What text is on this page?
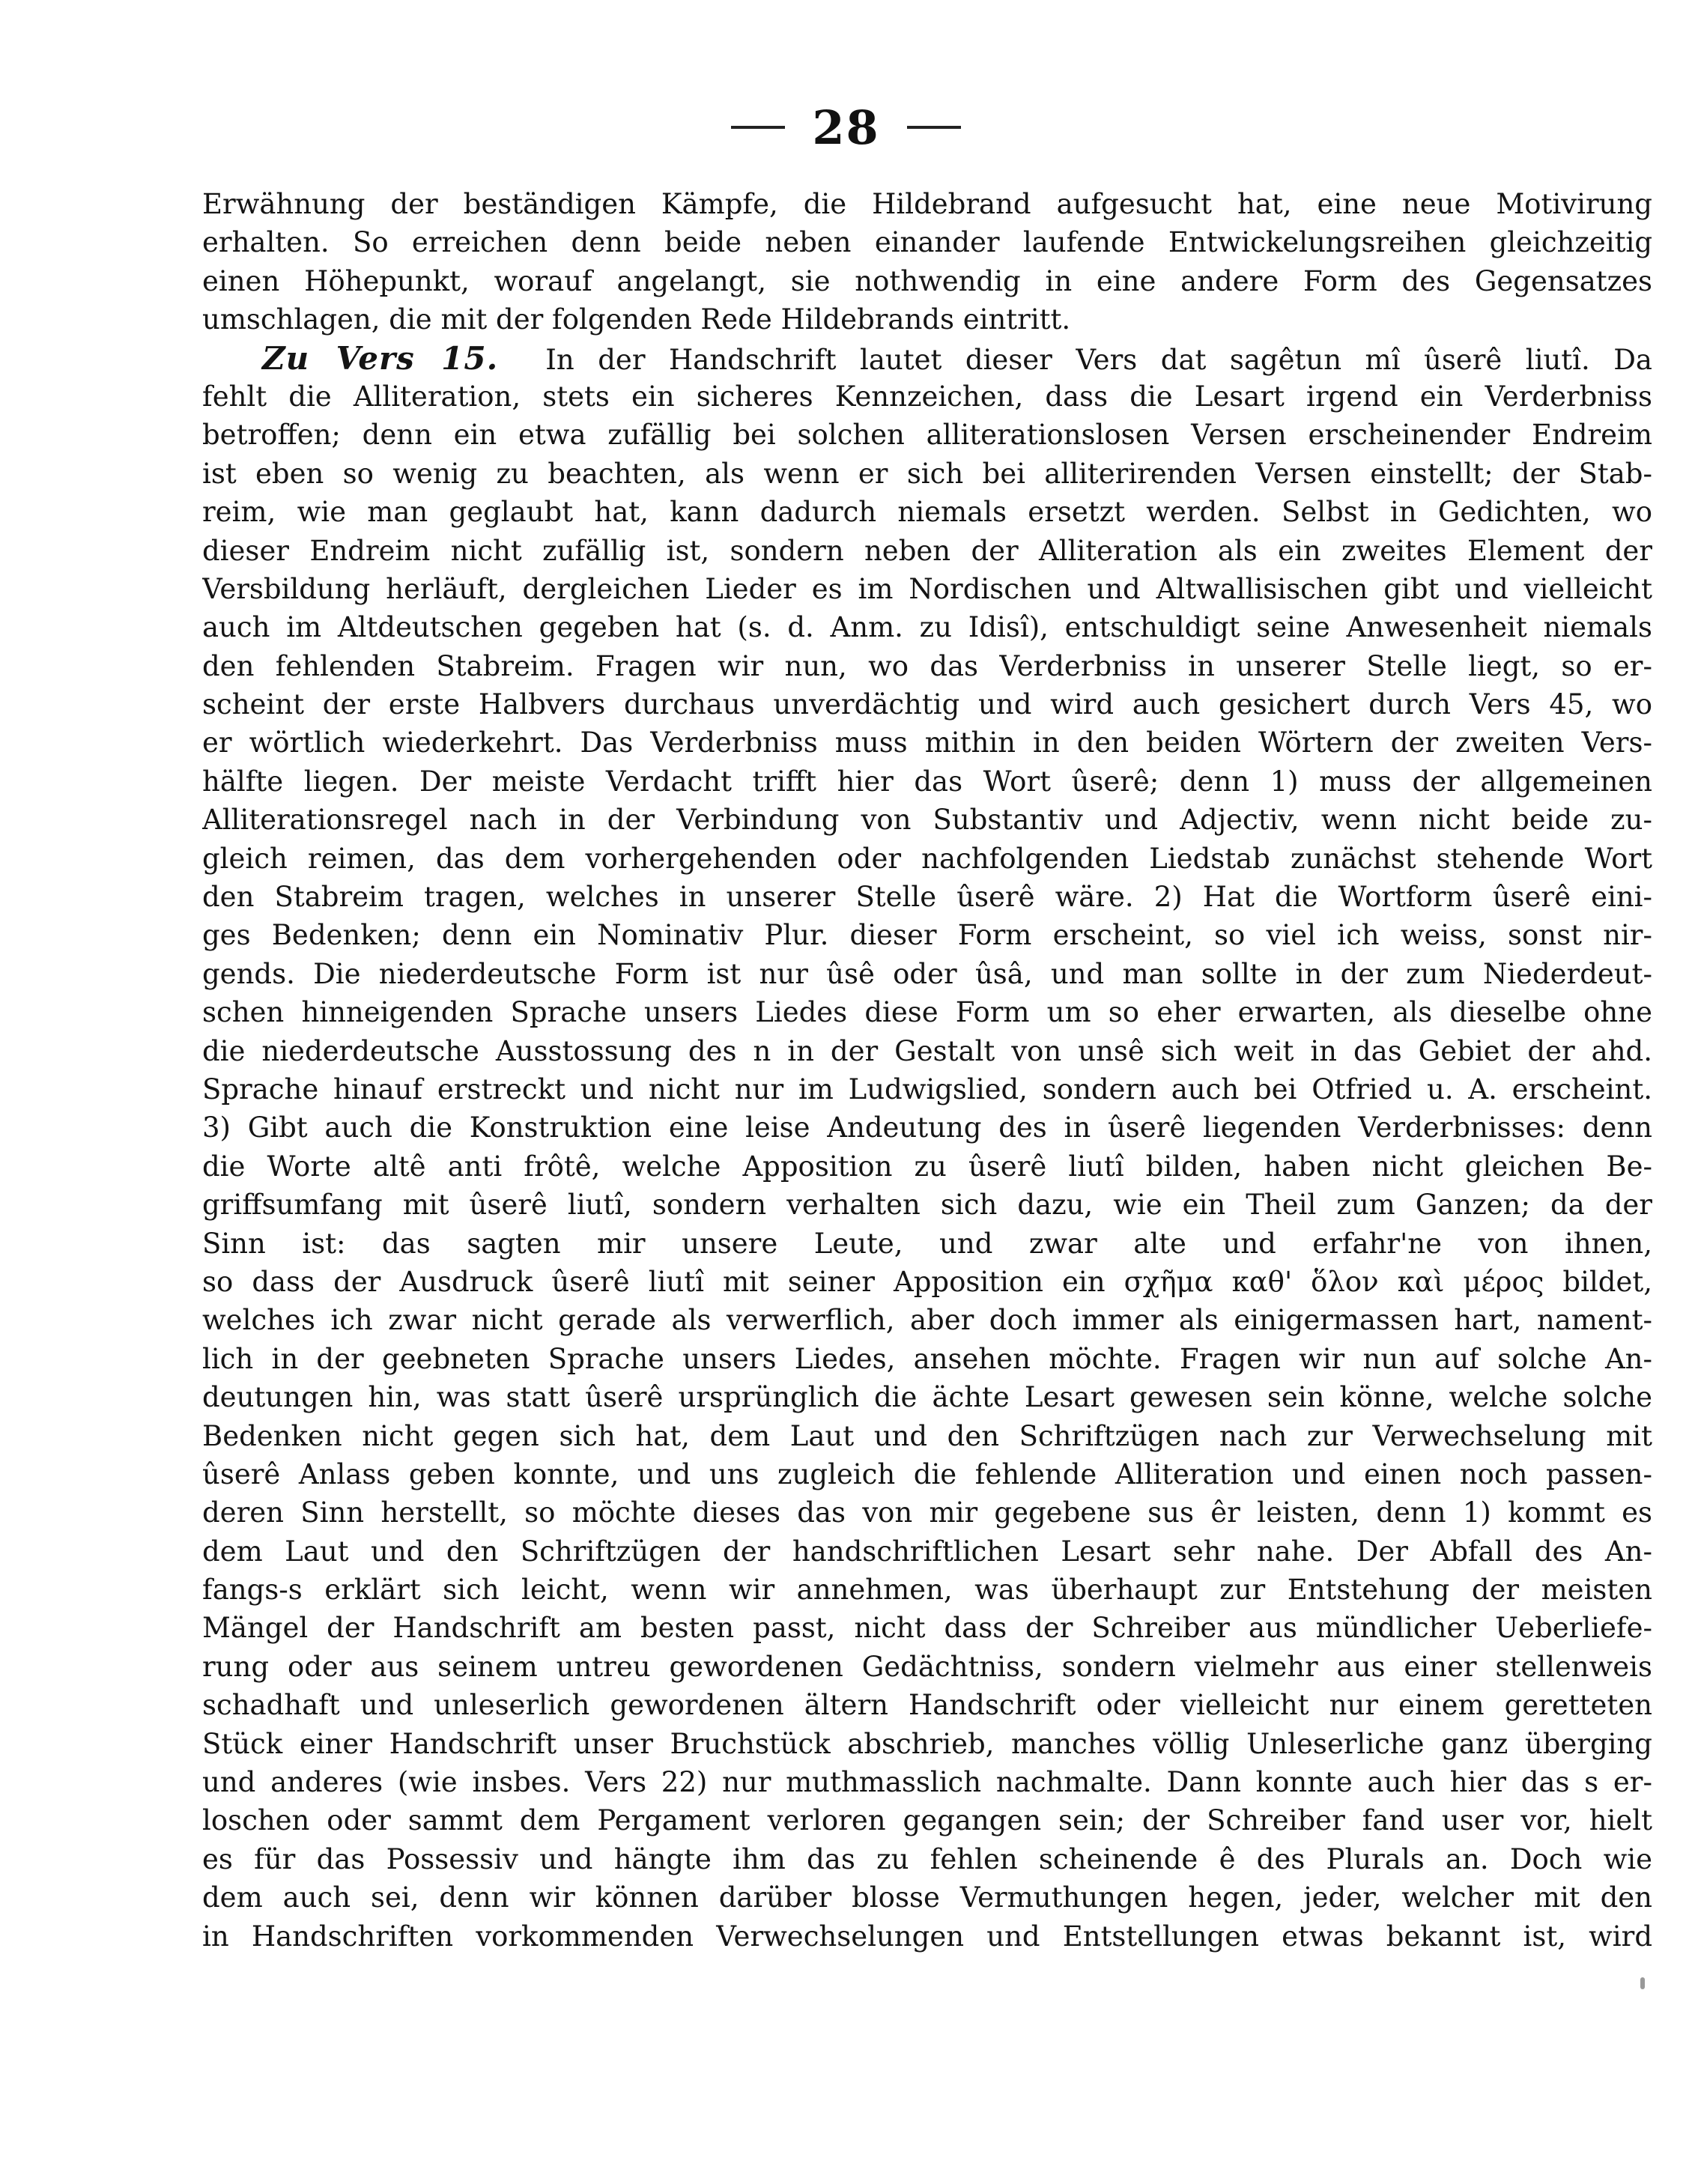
28
Erwähnung der beständigen Kämpfe, die Hildebrand aufgesucht hat, eine neue Motivirung
erhalten. So erreichen denn beide neben einander laufende Entwickelungsreihen gleichzeitig
einen Höhepunkt, worauf angelangt, sie nothwendig in eine andere Form des Gegensatzes
umschlagen, die mit der folgenden Rede Hildebrands eintritt.
Zu Vers 15. In der Handschrift lautet dieser Vers dat sagêtun mî ûserê liutî. Da
fehlt die Alliteration, stets ein sicheres Kennzeichen, dass die Lesart irgend ein Verderbniss
betroffen; denn ein etwa zufällig bei solchen alliterationslosen Versen erscheinender Endreim
ist eben so wenig zu beachten, als wenn er sich bei alliterirenden Versen einstellt; der Stab-
reim, wie man geglaubt hat, kann dadurch niemals ersetzt werden. Selbst in Gedichten, wo
dieser Endreim nicht zufällig ist, sondern neben der Alliteration als ein zweites Element der
Versbildung herläuft, dergleichen Lieder es im Nordischen und Altwallisischen gibt und vielleicht
auch im Altdeutschen gegeben hat (s. d. Anm. zu Idisî), entschuldigt seine Anwesenheit niemals
den fehlenden Stabreim. Fragen wir nun, wo das Verderbniss in unserer Stelle liegt, so er-
scheint der erste Halbvers durchaus unverdächtig und wird auch gesichert durch Vers 45, wo
er wörtlich wiederkehrt. Das Verderbniss muss mithin in den beiden Wörtern der zweiten Vers-
hälfte liegen. Der meiste Verdacht trifft hier das Wort ûserê; denn 1) muss der allgemeinen
Alliterationsregel nach in der Verbindung von Substantiv und Adjectiv, wenn nicht beide zu-
gleich reimen, das dem vorhergehenden oder nachfolgenden Liedstab zunächst stehende Wort
den Stabreim tragen, welches in unserer Stelle ûserê wäre. 2) Hat die Wortform ûserê eini-
ges Bedenken; denn ein Nominativ Plur. dieser Form erscheint, so viel ich weiss, sonst nir-
gends. Die niederdeutsche Form ist nur ûsê oder ûsâ, und man sollte in der zum Niederdeut-
schen hinneigenden Sprache unsers Liedes diese Form um so eher erwarten, als dieselbe ohne
die niederdeutsche Ausstossung des n in der Gestalt von unsê sich weit in das Gebiet der ahd.
Sprache hinauf erstreckt und nicht nur im Ludwigslied, sondern auch bei Otfried u. A. erscheint.
3) Gibt auch die Konstruktion eine leise Andeutung des in ûserê liegenden Verderbnisses: denn
die Worte altê anti frôtê, welche Apposition zu ûserê liutî bilden, haben nicht gleichen Be-
griffsumfang mit ûserê liutî, sondern verhalten sich dazu, wie ein Theil zum Ganzen; da der
Sinn ist: das sagten mir unsere Leute, und zwar alte und erfahr'ne von ihnen,
so dass der Ausdruck ûserê liutî mit seiner Apposition ein σχῆμα καθ' ὅλον καὶ μέρος bildet,
welches ich zwar nicht gerade als verwerflich, aber doch immer als einigermassen hart, nament-
lich in der geebneten Sprache unsers Liedes, ansehen möchte. Fragen wir nun auf solche An-
deutungen hin, was statt ûserê ursprünglich die ächte Lesart gewesen sein könne, welche solche
Bedenken nicht gegen sich hat, dem Laut und den Schriftzügen nach zur Verwechselung mit
ûserê Anlass geben konnte, und uns zugleich die fehlende Alliteration und einen noch passen-
deren Sinn herstellt, so möchte dieses das von mir gegebene sus êr leisten, denn 1) kommt es
dem Laut und den Schriftzügen der handschriftlichen Lesart sehr nahe. Der Abfall des An-
fangs-s erklärt sich leicht, wenn wir annehmen, was überhaupt zur Entstehung der meisten
Mängel der Handschrift am besten passt, nicht dass der Schreiber aus mündlicher Ueberliefe-
rung oder aus seinem untreu gewordenen Gedächtniss, sondern vielmehr aus einer stellenweis
schadhaft und unleserlich gewordenen ältern Handschrift oder vielleicht nur einem geretteten
Stück einer Handschrift unser Bruchstück abschrieb, manches völlig Unleserliche ganz überging
und anderes (wie insbes. Vers 22) nur muthmasslich nachmalte. Dann konnte auch hier das s er-
loschen oder sammt dem Pergament verloren gegangen sein; der Schreiber fand user vor, hielt
es für das Possessiv und hängte ihm das zu fehlen scheinende ê des Plurals an. Doch wie
dem auch sei, denn wir können darüber blosse Vermuthungen hegen, jeder, welcher mit den
in Handschriften vorkommenden Verwechselungen und Entstellungen etwas bekannt ist, wird
